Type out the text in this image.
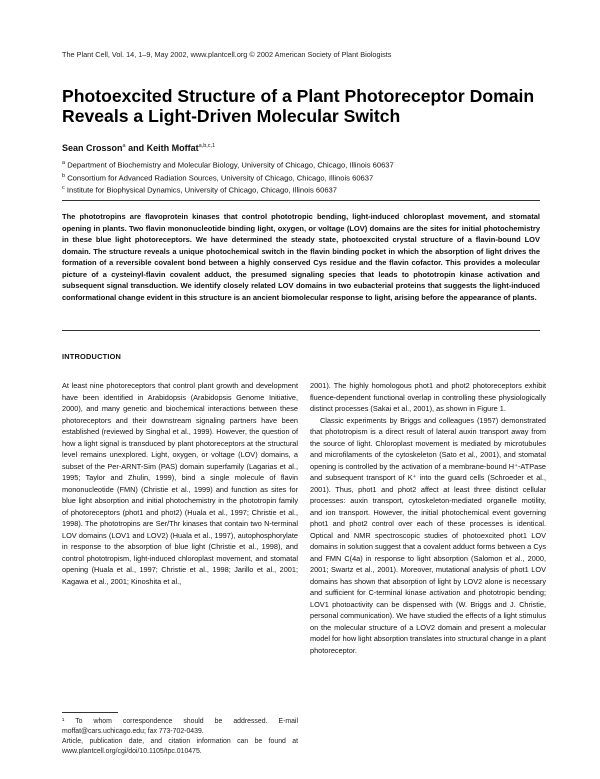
The Plant Cell, Vol. 14, 1–9, May 2002, www.plantcell.org © 2002 American Society of Plant Biologists
Photoexcited Structure of a Plant Photoreceptor Domain Reveals a Light-Driven Molecular Switch
Sean Crosson$^a$ and Keith Moffat$^{a,b,c,1}$
$^a$ Department of Biochemistry and Molecular Biology, University of Chicago, Chicago, Illinois 60637
$^b$ Consortium for Advanced Radiation Sources, University of Chicago, Chicago, Illinois 60637
$^c$ Institute for Biophysical Dynamics, University of Chicago, Chicago, Illinois 60637

The phototropins are flavoprotein kinases that control phototropic bending, light-induced chloroplast movement, and stomatal opening in plants. Two flavin mononucleotide binding light, oxygen, or voltage (LOV) domains are the sites for initial photochemistry in these blue light photoreceptors. We have determined the steady state, photoexcited crystal structure of a flavin-bound LOV domain. The structure reveals a unique photochemical switch in the flavin binding pocket in which the absorption of light drives the formation of a reversible covalent bond between a highly conserved Cys residue and the flavin cofactor. This provides a molecular picture of a cysteinyl-flavin covalent adduct, the presumed signaling species that leads to phototropin kinase activation and subsequent signal transduction. We identify closely related LOV domains in two eubacterial proteins that suggests the light-induced conformational change evident in this structure is an ancient biomolecular response to light, arising before the appearance of plants.

INTRODUCTION

At least nine photoreceptors that control plant growth and development have been identified in Arabidopsis (Arabidopsis Genome Initiative, 2000), and many genetic and biochemical interactions between these photoreceptors and their downstream signaling partners have been established (reviewed by Singhal et al., 1999). However, the question of how a light signal is transduced by plant photoreceptors at the structural level remains unexplored. Light, oxygen, or voltage (LOV) domains, a subset of the Per-ARNT-Sim (PAS) domain superfamily (Lagarias et al., 1995; Taylor and Zhulin, 1999), bind a single molecule of flavin mononucleotide (FMN) (Christie et al., 1999) and function as sites for blue light absorption and initial photochemistry in the phototropin family of photoreceptors (phot1 and phot2) (Huala et al., 1997; Christie et al., 1998). The phototropins are Ser/Thr kinases that contain two N-terminal LOV domains (LOV1 and LOV2) (Huala et al., 1997), autophosphorylate in response to the absorption of blue light (Christie et al., 1998), and control phototropism, light-induced chloroplast movement, and stomatal opening (Huala et al., 1997; Christie et al., 1998; Jarillo et al., 2001; Kagawa et al., 2001; Kinoshita et al.,

2001). The highly homologous phot1 and phot2 photoreceptors exhibit fluence-dependent functional overlap in controlling these physiologically distinct processes (Sakai et al., 2001), as shown in Figure 1.

Classic experiments by Briggs and colleagues (1957) demonstrated that phototropism is a direct result of lateral auxin transport away from the source of light. Chloroplast movement is mediated by microtubules and microfilaments of the cytoskeleton (Sato et al., 2001), and stomatal opening is controlled by the activation of a membrane-bound H⁺-ATPase and subsequent transport of K⁺ into the guard cells (Schroeder et al., 2001). Thus, phot1 and phot2 affect at least three distinct cellular processes: auxin transport, cytoskeleton-mediated organelle motility, and ion transport. However, the initial photochemical event governing phot1 and phot2 control over each of these processes is identical. Optical and NMR spectroscopic studies of photoexcited phot1 LOV domains in solution suggest that a covalent adduct forms between a Cys and FMN C(4a) in response to light absorption (Salomon et al., 2000, 2001; Swartz et al., 2001). Moreover, mutational analysis of phot1 LOV domains has shown that absorption of light by LOV2 alone is necessary and sufficient for C-terminal kinase activation and phototropic bending; LOV1 photoactivity can be dispensed with (W. Briggs and J. Christie, personal communication). We have studied the effects of a light stimulus on the molecular structure of a LOV2 domain and present a molecular model for how light absorption translates into structural change in a plant photoreceptor.

¹ To whom correspondence should be addressed. E-mail moffat@cars.uchicago.edu; fax 773-702-0439.

Article, publication date, and citation information can be found at www.plantcell.org/cgi/doi/10.1105/tpc.010475.
